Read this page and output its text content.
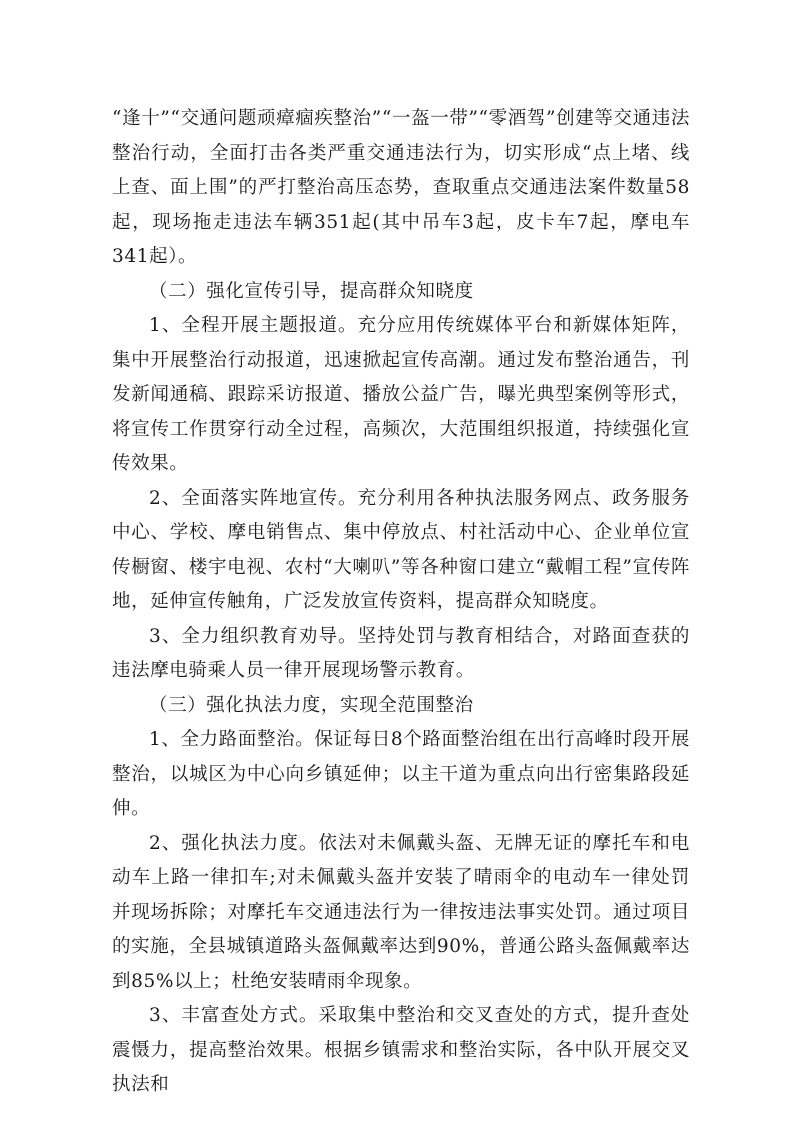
“逢十”“交通问题顽瘴痼疾整治”“一盔一带”“零酒驾”创建等交通违法整治行动，全面打击各类严重交通违法行为，切实形成“点上堵、线上查、面上围”的严打整治高压态势，查取重点交通违法案件数量58起，现场拖走违法车辆351起(其中吊车3起，皮卡车7起，摩电车341起）。

（二）强化宣传引导，提高群众知晓度

1、全程开展主题报道。充分应用传统媒体平台和新媒体矩阵，集中开展整治行动报道，迅速掀起宣传高潮。通过发布整治通告，刊发新闻通稿、跟踪采访报道、播放公益广告，曝光典型案例等形式，将宣传工作贯穿行动全过程，高频次，大范围组织报道，持续强化宣传效果。

2、全面落实阵地宣传。充分利用各种执法服务网点、政务服务中心、学校、摩电销售点、集中停放点、村社活动中心、企业单位宣传橱窗、楼宇电视、农村“大喇叭”等各种窗口建立“戴帽工程”宣传阵地，延伸宣传触角，广泛发放宣传资料，提高群众知晓度。

3、全力组织教育劝导。坚持处罚与教育相结合，对路面查获的违法摩电骑乘人员一律开展现场警示教育。

（三）强化执法力度，实现全范围整治

1、全力路面整治。保证每日8个路面整治组在出行高峰时段开展整治，以城区为中心向乡镇延伸；以主干道为重点向出行密集路段延伸。

2、强化执法力度。依法对未佩戴头盔、无牌无证的摩托车和电动车上路一律扣车;对未佩戴头盔并安装了晴雨伞的电动车一律处罚并现场拆除；对摩托车交通违法行为一律按违法事实处罚。通过项目的实施，全县城镇道路头盔佩戴率达到90%，普通公路头盔佩戴率达到85%以上；杜绝安装晴雨伞现象。

3、丰富查处方式。采取集中整治和交叉查处的方式，提升查处震慑力，提高整治效果。根据乡镇需求和整治实际，各中队开展交叉执法和
